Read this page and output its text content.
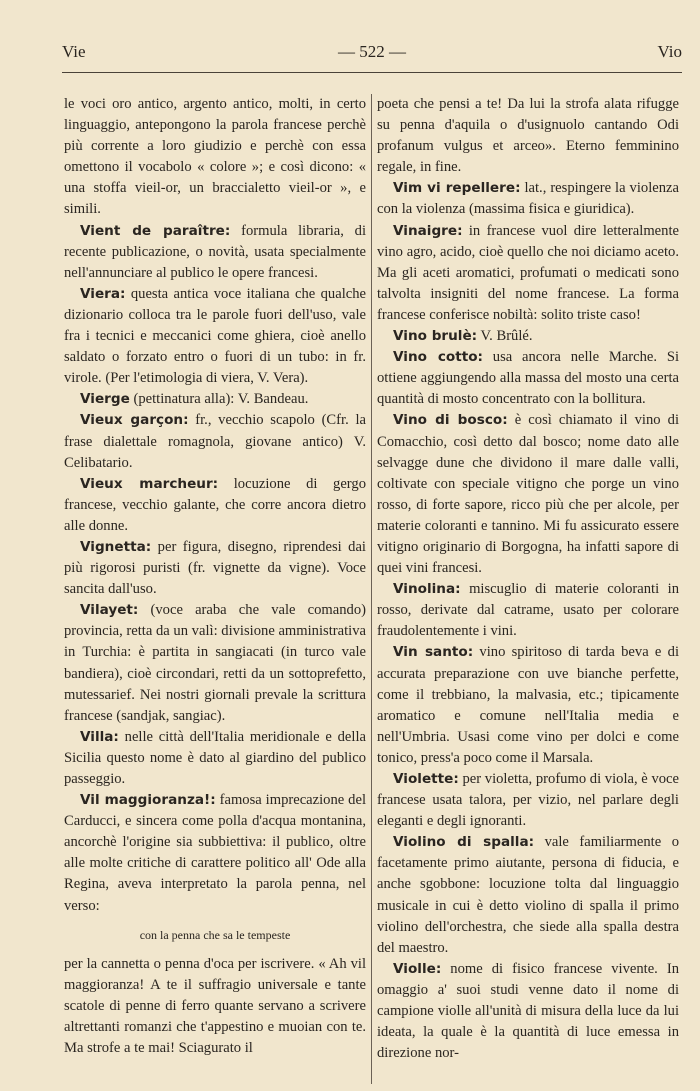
Vie	— 522 —	Vio

le voci oro antico, argento antico, molti, in certo linguaggio, antepongono la parola francese perchè più corrente a loro giudizio e perchè con essa omettono il vocabolo « colore »; e così dicono: « una stoffa vieil-or, un braccialetto vieil-or », e simili.

Vient de paraître: formula libraria, di recente publicazione, o novità, usata specialmente nell'annunciare al publico le opere francesi.

Viera: questa antica voce italiana che qualche dizionario colloca tra le parole fuori dell'uso, vale fra i tecnici e meccanici come ghiera, cioè anello saldato o forzato entro o fuori di un tubo: in fr. virole. (Per l'etimologia di viera, V. Vera).

Vierge (pettinatura alla): V. Bandeau.

Vieux garçon: fr., vecchio scapolo (Cfr. la frase dialettale romagnola, giovane antico) V. Celibatario.

Vieux marcheur: locuzione di gergo francese, vecchio galante, che corre ancora dietro alle donne.

Vignetta: per figura, disegno, riprendesi dai più rigorosi puristi (fr. vignette da vigne). Voce sancita dall'uso.

Vilayet: (voce araba che vale comando) provincia, retta da un valì: divisione amministrativa in Turchia: è partita in sangiacati (in turco vale bandiera), cioè circondari, retti da un sottoprefetto, mutessarief. Nei nostri giornali prevale la scrittura francese (sandjak, sangiac).

Villa: nelle città dell'Italia meridionale e della Sicilia questo nome è dato al giardino del publico passeggio.

Vil maggioranza!: famosa imprecazione del Carducci, e sincera come polla d'acqua montanina, ancorchè l'origine sia subbiettiva: il publico, oltre alle molte critiche di carattere politico all' Ode alla Regina, aveva interpretato la parola penna, nel verso:

con la penna che sa le tempeste

per la cannetta o penna d'oca per iscrivere. « Ah vil maggioranza! A te il suffragio universale e tante scatole di penne di ferro quante servano a scrivere altrettanti romanzi che t'appestino e muoian con te. Ma strofe a te mai! Sciagurato il

poeta che pensi a te! Da lui la strofa alata rifugge su penna d'aquila o d'usignuolo cantando Odi profanum vulgus et arceo». Eterno femminino regale, in fine.

Vim vi repellere: lat., respingere la violenza con la violenza (massima fisica e giuridica).

Vinaigre: in francese vuol dire letteralmente vino agro, acido, cioè quello che noi diciamo aceto. Ma gli aceti aromatici, profumati o medicati sono talvolta insigniti del nome francese. La forma francese conferisce nobiltà: solito triste caso!

Vino brulè: V. Brûlé.

Vino cotto: usa ancora nelle Marche. Si ottiene aggiungendo alla massa del mosto una certa quantità di mosto concentrato con la bollitura.

Vino di bosco: è così chiamato il vino di Comacchio, così detto dal bosco; nome dato alle selvagge dune che dividono il mare dalle valli, coltivate con speciale vitigno che porge un vino rosso, di forte sapore, ricco più che per alcole, per materie coloranti e tannino. Mi fu assicurato essere vitigno originario di Borgogna, ha infatti sapore di quei vini francesi.

Vinolina: miscuglio di materie coloranti in rosso, derivate dal catrame, usato per colorare fraudolentemente i vini.

Vin santo: vino spiritoso di tarda beva e di accurata preparazione con uve bianche perfette, come il trebbiano, la malvasia, etc.; tipicamente aromatico e comune nell'Italia media e nell'Umbria. Usasi come vino per dolci e come tonico, press'a poco come il Marsala.

Violette: per violetta, profumo di viola, è voce francese usata talora, per vizio, nel parlare degli eleganti e degli ignoranti.

Violino di spalla: vale familiarmente o facetamente primo aiutante, persona di fiducia, e anche sgobbone: locuzione tolta dal linguaggio musicale in cui è detto violino di spalla il primo violino dell'orchestra, che siede alla spalla destra del maestro.

Violle: nome di fisico francese vivente. In omaggio a' suoi studi venne dato il nome di campione violle all'unità di misura della luce da lui ideata, la quale è la quantità di luce emessa in direzione nor-
